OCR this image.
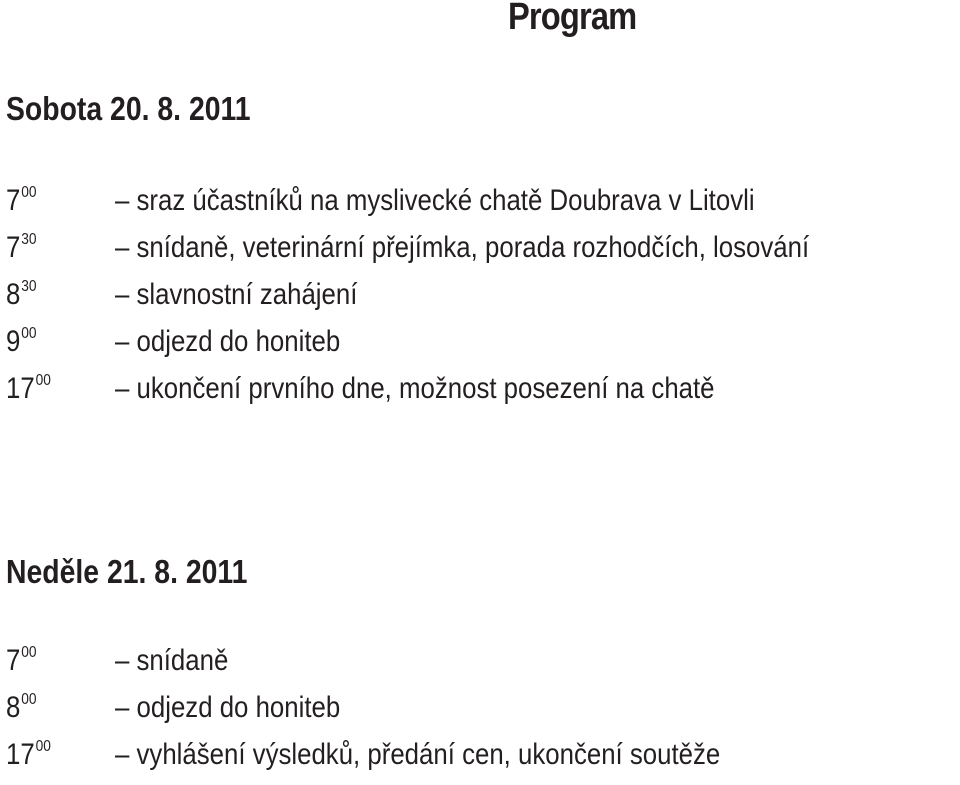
Program
Sobota 20. 8. 2011
$7^{00}$	– sraz účastníků na myslivecké chatě Doubrava v Litovli
$7^{30}$	– snídaně, veterinární přejímka, porada rozhodčích, losování
$8^{30}$	– slavnostní zahájení
$9^{00}$	– odjezd do honiteb
$17^{00}$ – ukončení prvního dne, možnost posezení na chatě
Neděle 21. 8. 2011
$7^{00}$	– snídaně
$8^{00}$	– odjezd do honiteb
$17^{00}$ – vyhlášení výsledků, předání cen, ukončení soutěže
